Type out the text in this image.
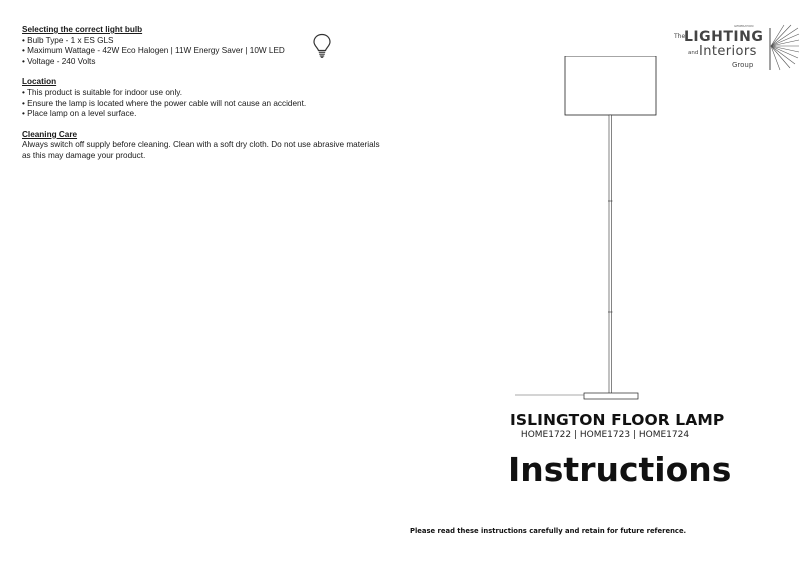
Selecting the correct light bulb
• Bulb Type - 1 x ES GLS
• Maximum Wattage - 42W Eco Halogen | 11W Energy Saver | 10W LED
• Voltage - 240 Volts
Location
• This product is suitable for indoor use only.
• Ensure the lamp is located where the power cable will not cause an accident.
• Place lamp on a level surface.
Cleaning Care
Always switch off supply before cleaning. Clean with a soft dry cloth. Do not use abrasive materials as this may damage your product.
The
LIGHTING
GENERATION
and Interiors
Group
ISLINGTON FLOOR LAMP
HOME1722 | HOME1723 | HOME1724
Instructions
Please read these instructions carefully and retain for future reference.
